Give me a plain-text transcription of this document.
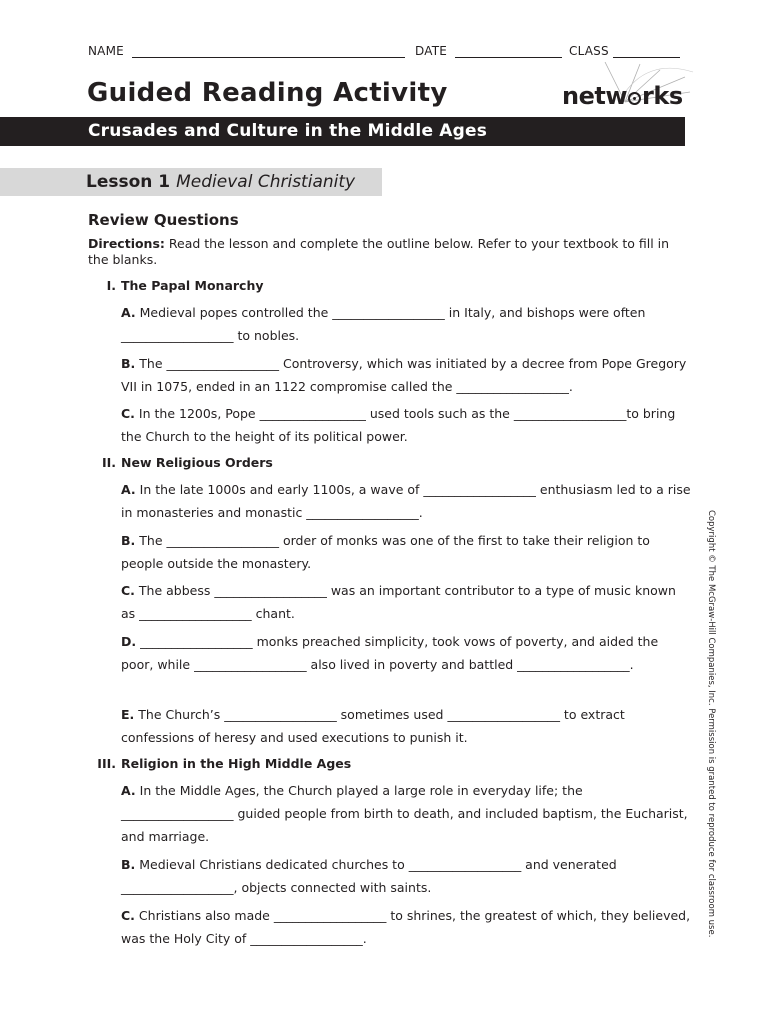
NAME	DATE	CLASS
Guided Reading Activity	netw rks
Crusades and Culture in the Middle Ages
Lesson 1 Medieval Christianity
Review Questions
Directions: Read the lesson and complete the outline below. Refer to your textbook to fill in the blanks.
I. The Papal Monarchy
A. Medieval popes controlled the __________________ in Italy, and bishops were often __________________ to nobles.
B. The __________________ Controversy, which was initiated by a decree from Pope Gregory VII in 1075, ended in an 1122 compromise called the __________________.
C. In the 1200s, Pope _________________ used tools such as the __________________to bring the Church to the height of its political power.
II. New Religious Orders
A. In the late 1000s and early 1100s, a wave of __________________ enthusiasm led to a rise in monasteries and monastic __________________.
B. The __________________ order of monks was one of the first to take their religion to people outside the monastery.
C. The abbess __________________ was an important contributor to a type of music known as __________________ chant.
D. __________________ monks preached simplicity, took vows of poverty, and aided the poor, while __________________ also lived in poverty and battled __________________.
E. The Church’s __________________ sometimes used __________________ to extract confessions of heresy and used executions to punish it.
III. Religion in the High Middle Ages
A. In the Middle Ages, the Church played a large role in everyday life; the __________________ guided people from birth to death, and included baptism, the Eucharist, and marriage.
B. Medieval Christians dedicated churches to __________________ and venerated __________________, objects connected with saints.
C. Christians also made __________________ to shrines, the greatest of which, they believed, was the Holy City of __________________.
Copyright © The McGraw-Hill Companies, Inc. Permission is granted to reproduce for classroom use.
